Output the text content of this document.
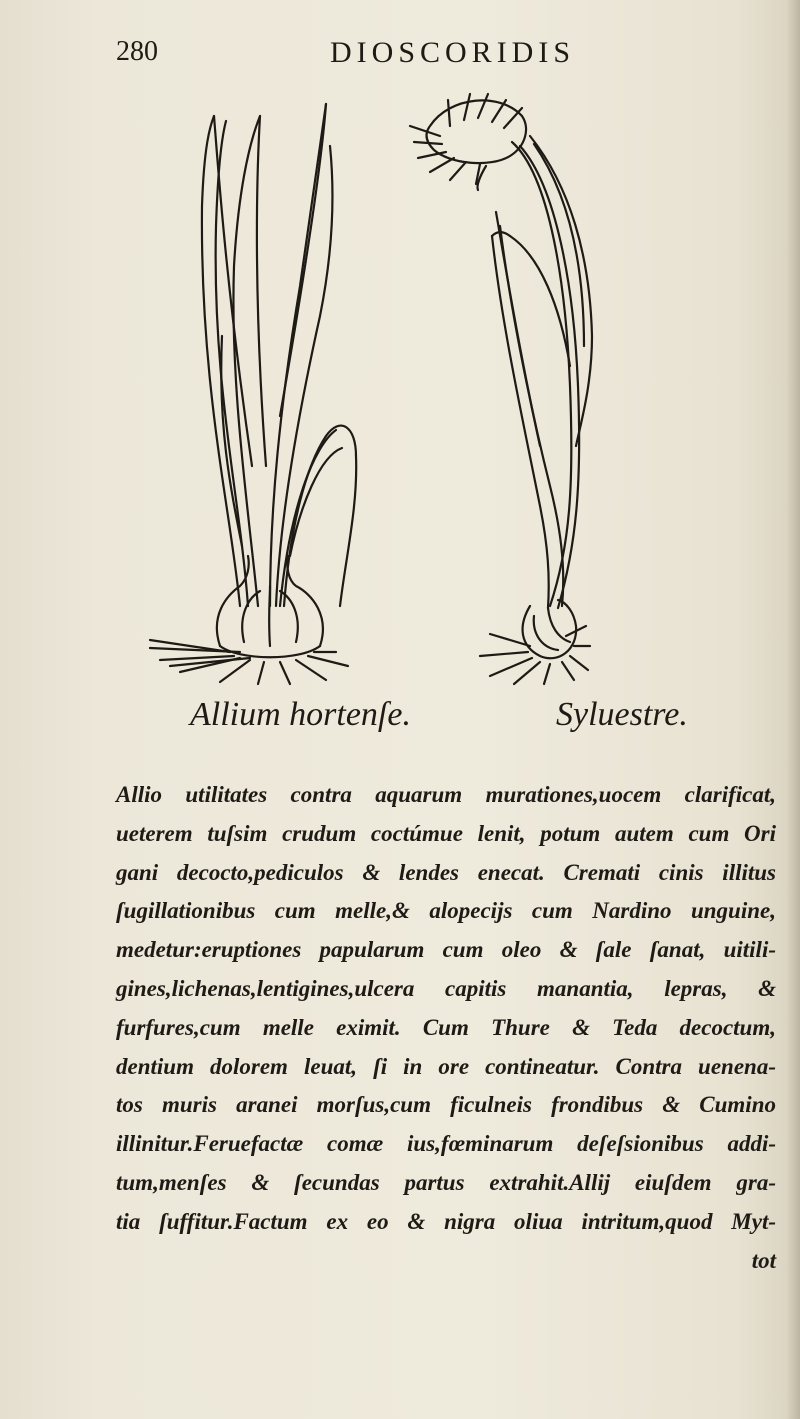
280	DIOSCORIDIS
Allium hortenſe.	Syluestre.
Allio utilitates contra aquarum murationes,uocem clarificat,
ueterem tuſsim crudum coctúmue lenit, potum autem cum Ori
gani decocto,pediculos & lendes enecat. Cremati cinis illitus
ſugillationibus cum melle,& alopecijs cum Nardino unguine,
medetur:eruptiones papularum cum oleo & ſale ſanat, uitili-
gines,lichenas,lentigines,ulcera capitis manantia, lepras, &
furfures,cum melle eximit. Cum Thure & Teda decoctum,
dentium dolorem leuat, ſi in ore contineatur. Contra uenena-
tos muris aranei morſus,cum ficulneis frondibus & Cumino
illinitur.Feruefactæ comæ ius,fœminarum deſeſsionibus addi-
tum,menſes & ſecundas partus extrahit.Allij eiuſdem gra-
tia ſuffitur.Factum ex eo & nigra oliua intritum,quod Myt-
tot
